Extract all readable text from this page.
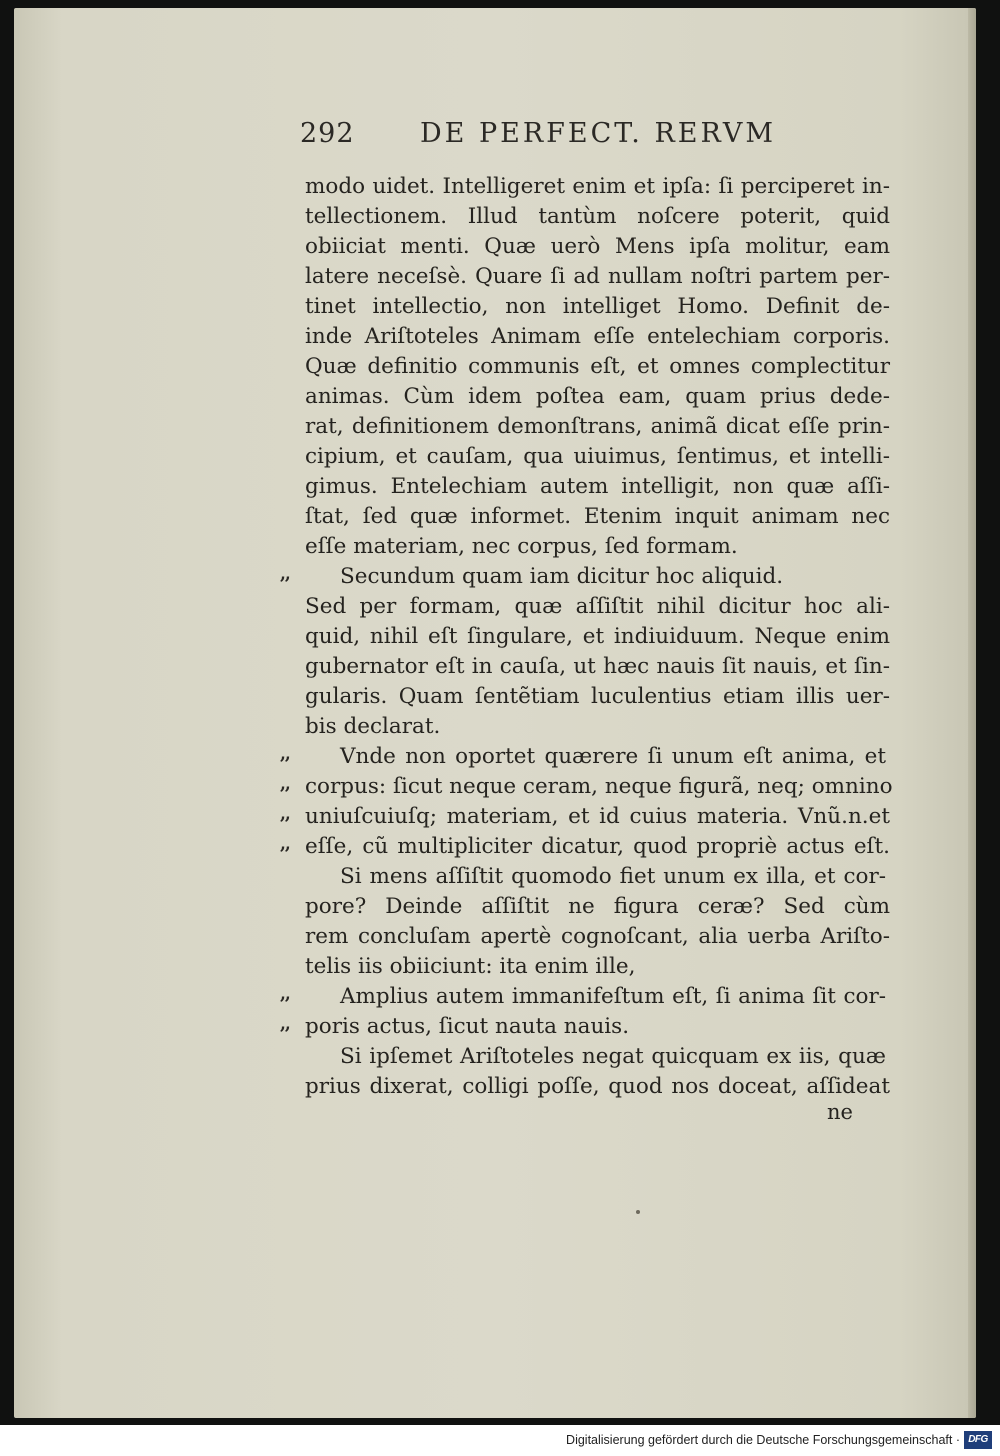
292 DE PERFECT. RERVM
modo uidet. Intelligeret enim et ipſa: ſi perciperet in-
tellectionem. Illud tantùm noſcere poterit, quid
obiiciat menti. Quæ uerò Mens ipſa molitur, eam
latere neceſsè. Quare ſi ad nullam noſtri partem per-
tinet intellectio, non intelliget Homo. Definit de-
inde Ariſtoteles Animam eſſe entelechiam corporis.
Quæ definitio communis eſt, et omnes complectitur
animas. Cùm idem poſtea eam, quam prius dede-
rat, definitionem demonſtrans, animã dicat eſſe prin-
cipium, et cauſam, qua uiuimus, ſentimus, et intelli-
gimus. Entelechiam autem intelligit, non quæ aſſi-
ſtat, ſed quæ informet. Etenim inquit animam nec
eſſe materiam, nec corpus, ſed formam.
,, Secundum quam iam dicitur hoc aliquid.
Sed per formam, quæ aſſiſtit nihil dicitur hoc ali-
quid, nihil eſt ſingulare, et indiuiduum. Neque enim
gubernator eſt in cauſa, ut hæc nauis ſit nauis, et ſin-
gularis. Quam ſentẽtiam luculentius etiam illis uer-
bis declarat.
,, Vnde non oportet quærere ſi unum eſt anima, et
,, corpus: ſicut neque ceram, neque figurã, neq; omnino
,, uniuſcuiuſq; materiam, et id cuius materia. Vnũ.n.et
,, eſſe, cũ multipliciter dicatur, quod propriè actus eſt.
Si mens aſſiſtit quomodo fiet unum ex illa, et cor-
pore? Deinde aſſiſtit ne figura ceræ? Sed cùm
rem concluſam apertè cognoſcant, alia uerba Ariſto-
telis iis obiiciunt: ita enim ille,
,, Amplius autem immanifeſtum eſt, ſi anima ſit cor-
,, poris actus, ſicut nauta nauis.
Si ipſemet Ariſtoteles negat quicquam ex iis, quæ
prius dixerat, colligi poſſe, quod nos doceat, aſſideat
ne
Digitalisierung gefördert durch die Deutsche Forschungsgemeinschaft · DFG
